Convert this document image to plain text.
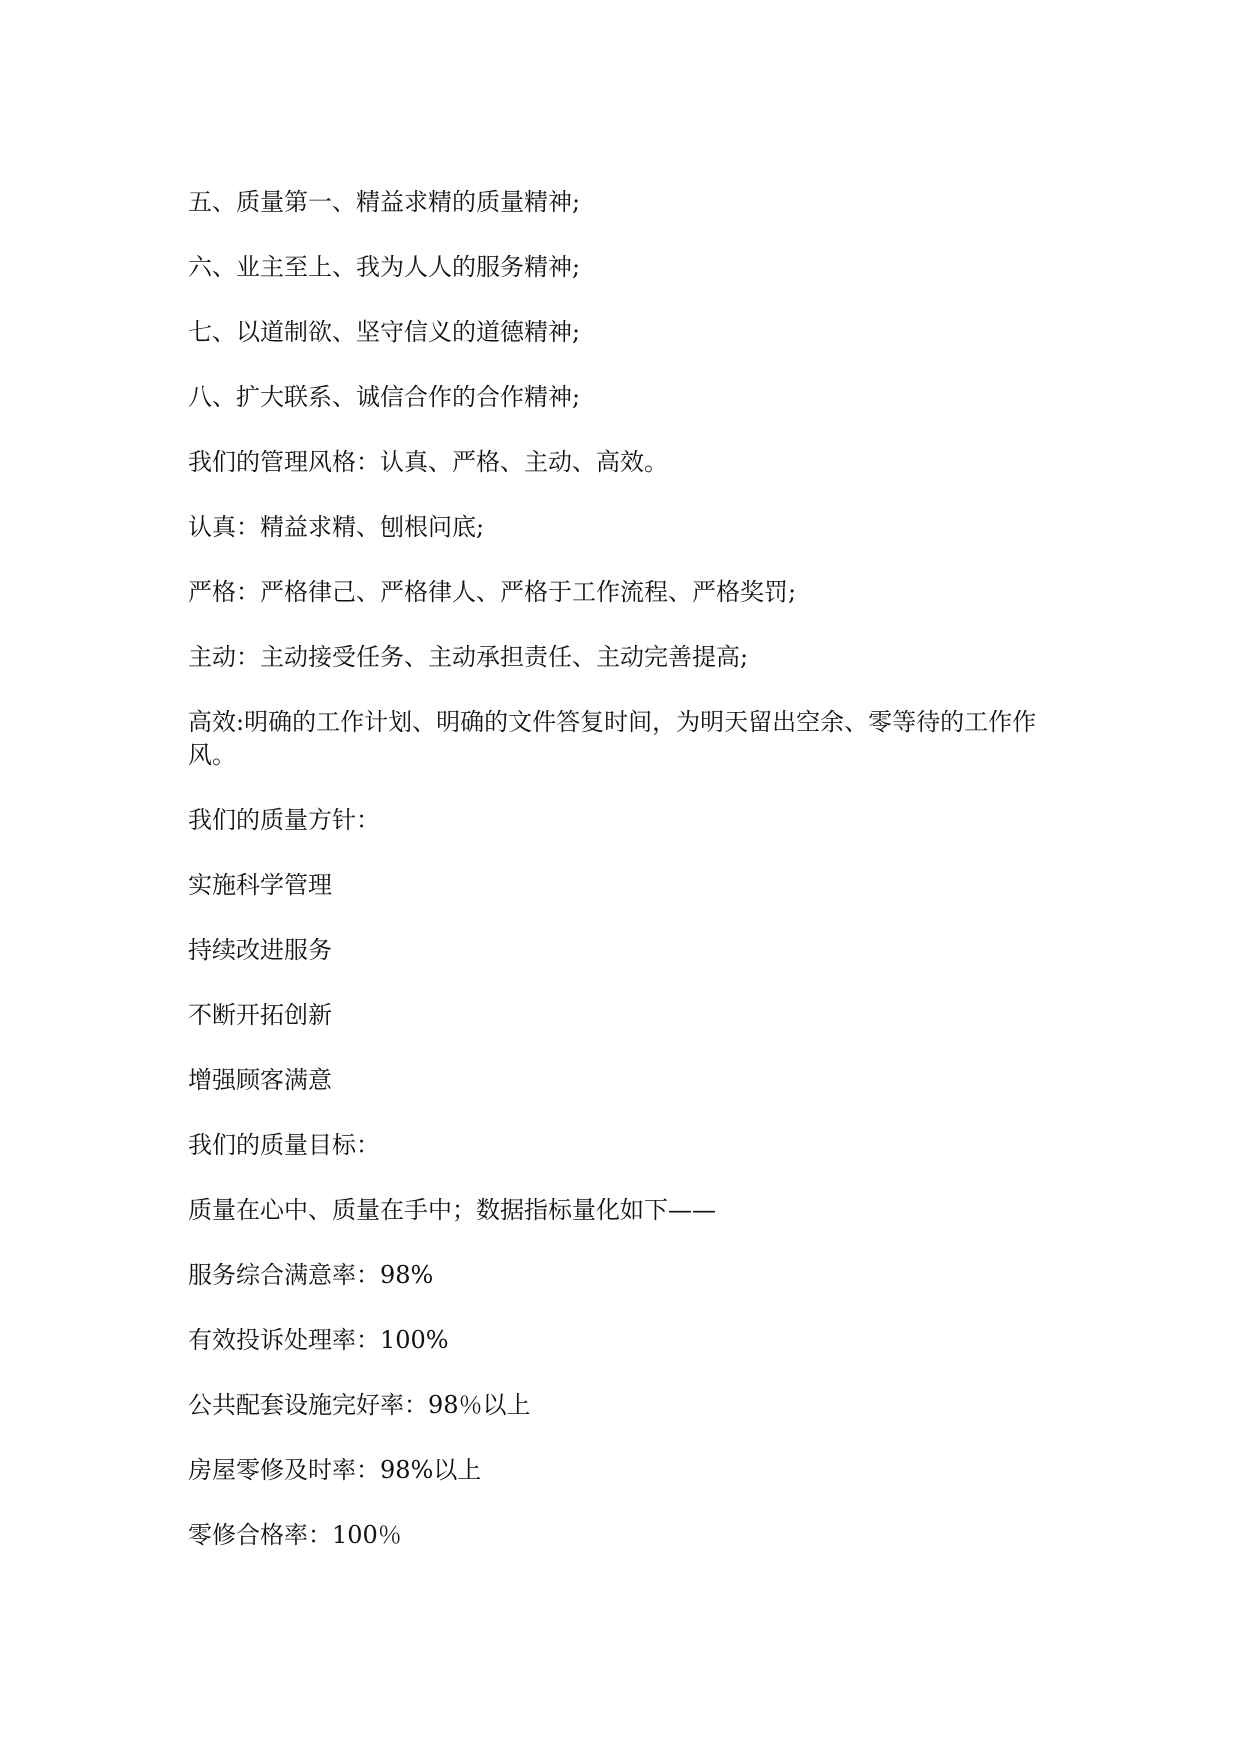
五、质量第一、精益求精的质量精神;

六、业主至上、我为人人的服务精神;

七、以道制欲、坚守信义的道德精神;

八、扩大联系、诚信合作的合作精神;

我们的管理风格：认真、严格、主动、高效。

认真：精益求精、刨根问底;

严格：严格律己、严格律人、严格于工作流程、严格奖罚;

主动：主动接受任务、主动承担责任、主动完善提高;

高效:明确的工作计划、明确的文件答复时间，为明天留出空余、零等待的工作作风。

我们的质量方针：

实施科学管理

持续改进服务

不断开拓创新

增强顾客满意

我们的质量目标：

质量在心中、质量在手中；数据指标量化如下——

服务综合满意率：98%

有效投诉处理率：100%

公共配套设施完好率：98％以上

房屋零修及时率：98%以上

零修合格率：100％
